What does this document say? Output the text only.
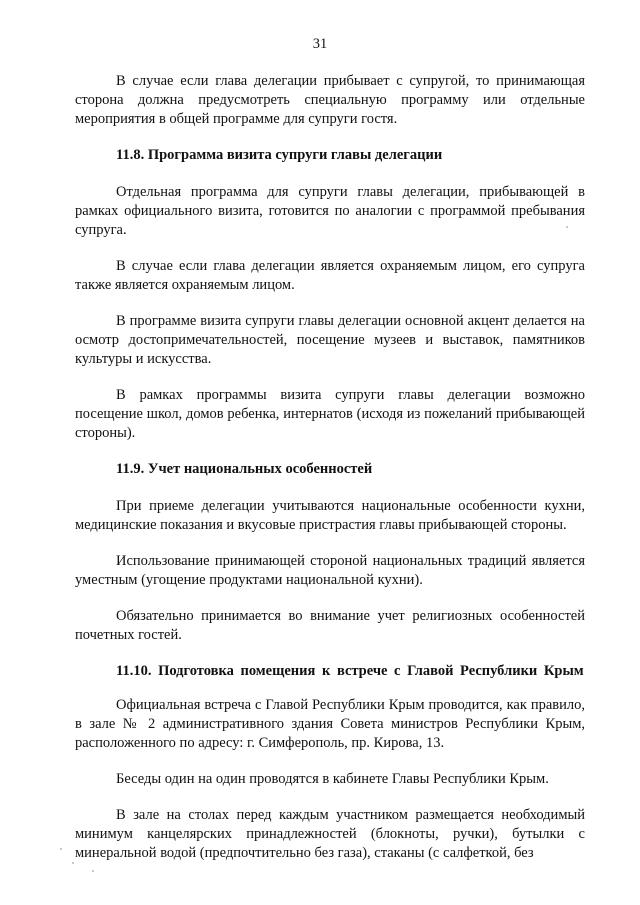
31

В случае если глава делегации прибывает с супругой, то принимающая сторона должна предусмотреть специальную программу или отдельные мероприятия в общей программе для супруги гостя.

11.8. Программа визита супруги главы делегации

Отдельная программа для супруги главы делегации, прибывающей в рамках официального визита, готовится по аналогии с программой пребывания супруга.

В случае если глава делегации является охраняемым лицом, его супруга также является охраняемым лицом.

В программе визита супруги главы делегации основной акцент делается на осмотр достопримечательностей, посещение музеев и выставок, памятников культуры и искусства.

В рамках программы визита супруги главы делегации возможно посещение школ, домов ребенка, интернатов (исходя из пожеланий прибывающей стороны).

11.9. Учет национальных особенностей

При приеме делегации учитываются национальные особенности кухни, медицинские показания и вкусовые пристрастия главы прибывающей стороны.

Использование принимающей стороной национальных традиций является уместным (угощение продуктами национальной кухни).

Обязательно принимается во внимание учет религиозных особенностей почетных гостей.

11.10. Подготовка помещения к встрече с Главой Республики Крым

Официальная встреча с Главой Республики Крым проводится, как правило, в зале № 2 административного здания Совета министров Республики Крым, расположенного по адресу: г. Симферополь, пр. Кирова, 13.

Беседы один на один проводятся в кабинете Главы Республики Крым.

В зале на столах перед каждым участником размещается необходимый минимум канцелярских принадлежностей (блокноты, ручки), бутылки с минеральной водой (предпочтительно без газа), стаканы (с салфеткой, без
